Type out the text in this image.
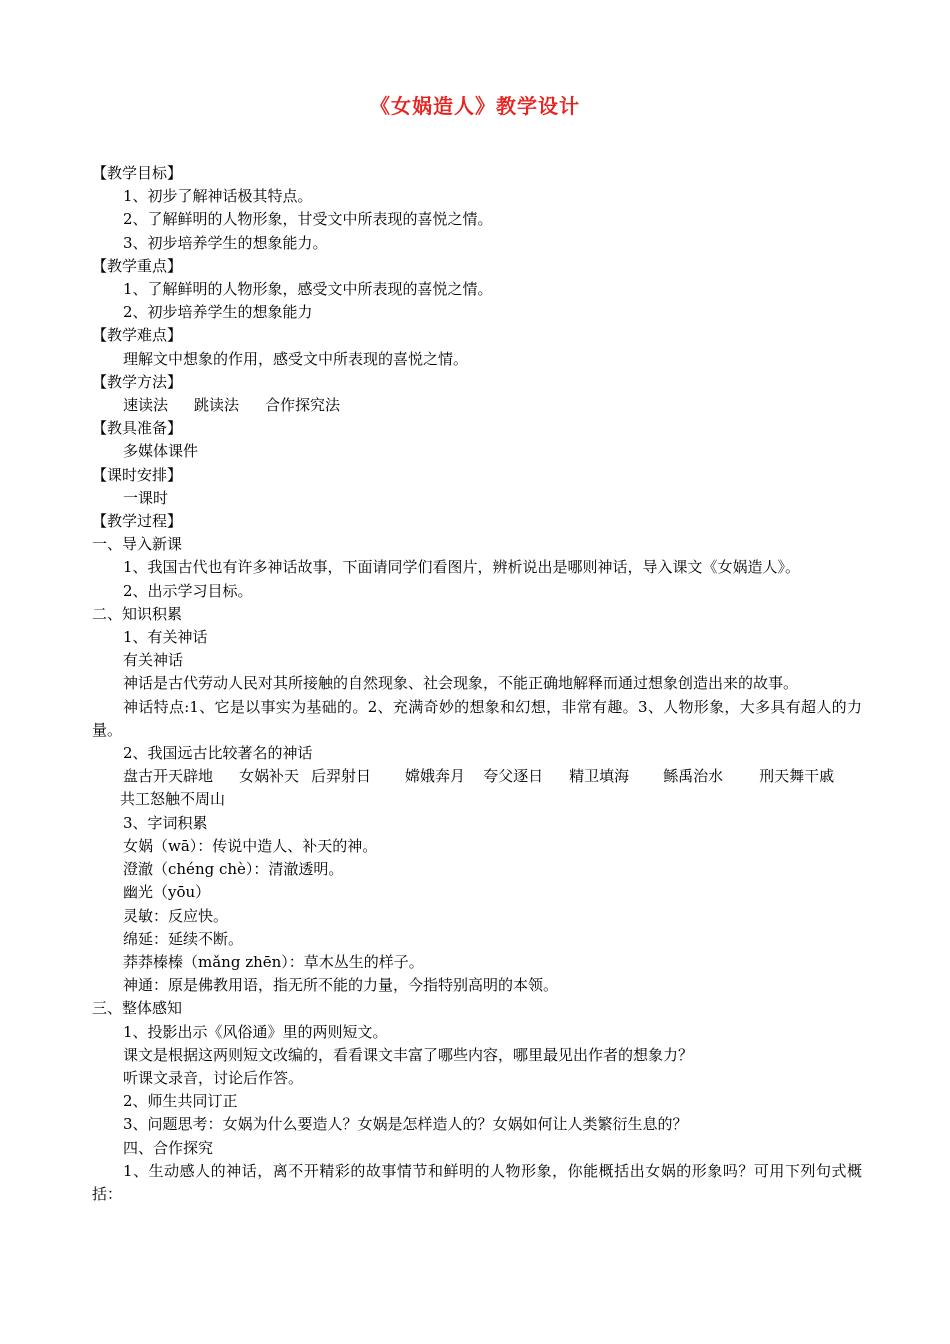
《女娲造人》教学设计

【教学目标】

1、初步了解神话极其特点。

2、了解鲜明的人物形象，甘受文中所表现的喜悦之情。

3、初步培养学生的想象能力。

【教学重点】

1、了解鲜明的人物形象，感受文中所表现的喜悦之情。

2、初步培养学生的想象能力

【教学难点】

理解文中想象的作用，感受文中所表现的喜悦之情。

【教学方法】

速读法 跳读法 合作探究法

【教具准备】

多媒体课件

【课时安排】

一课时

【教学过程】

一、导入新课

1、我国古代也有许多神话故事，下面请同学们看图片，辨析说出是哪则神话，导入课文《女娲造人》。

2、出示学习目标。

二、知识积累

1、有关神话

有关神话

神话是古代劳动人民对其所接触的自然现象、社会现象，不能正确地解释而通过想象创造出来的故事。

神话特点:1、它是以事实为基础的。2、充满奇妙的想象和幻想，非常有趣。3、人物形象，大多具有超人的力量。

2、我国远古比较著名的神话

盘古开天辟地 女娲补天 后羿射日 嫦娥奔月 夸父逐日 精卫填海 鲧禹治水 刑天舞干戚共工怒触不周山

3、字词积累

女娲（wā）：传说中造人、补天的神。

澄澈（chéng chè）：清澈透明。

幽光（yōu）

灵敏：反应快。

绵延：延续不断。

莽莽榛榛（mǎng zhēn）：草木丛生的样子。

神通：原是佛教用语，指无所不能的力量，今指特别高明的本领。

三、整体感知

1、投影出示《风俗通》里的两则短文。

课文是根据这两则短文改编的，看看课文丰富了哪些内容，哪里最见出作者的想象力？

听课文录音，讨论后作答。

2、师生共同订正

3、问题思考：女娲为什么要造人？女娲是怎样造人的？女娲如何让人类繁衍生息的？

四、合作探究

1、生动感人的神话，离不开精彩的故事情节和鲜明的人物形象，你能概括出女娲的形象吗？可用下列句式概括：
